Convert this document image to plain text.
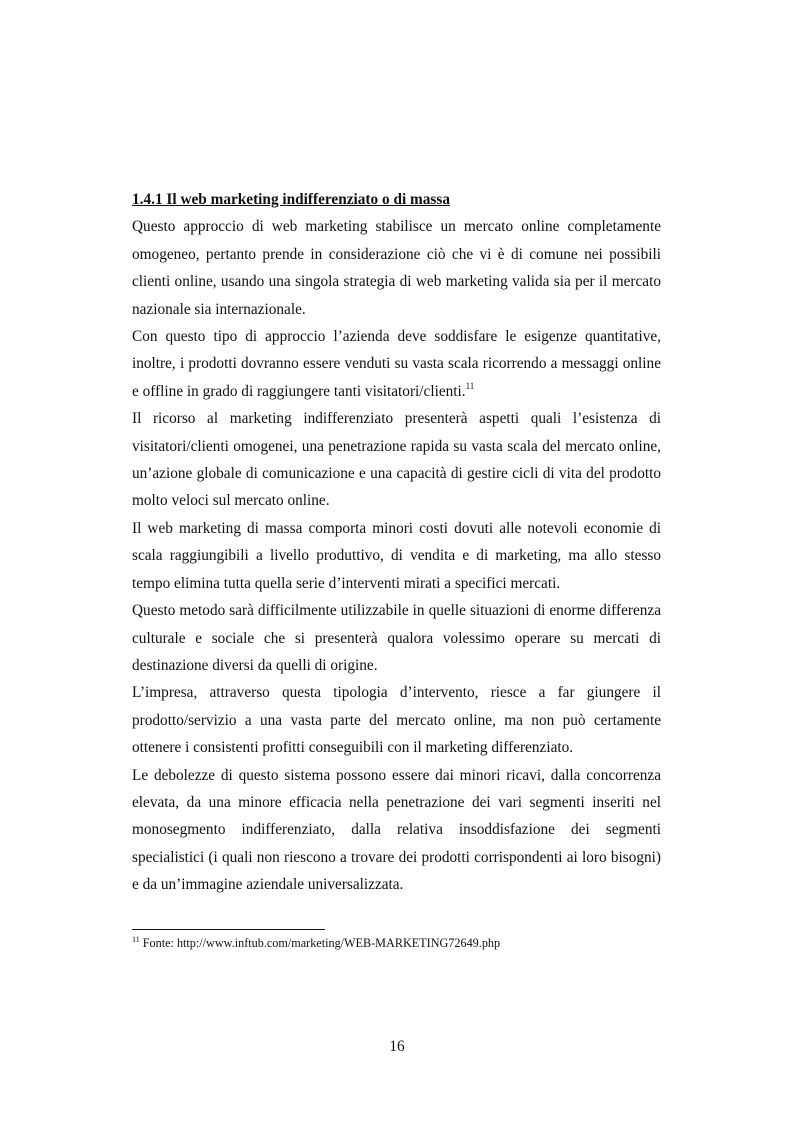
1.4.1 Il web marketing indifferenziato o di massa

Questo approccio di web marketing stabilisce un mercato online completamente omogeneo, pertanto prende in considerazione ciò che vi è di comune nei possibili clienti online, usando una singola strategia di web marketing valida sia per il mercato nazionale sia internazionale.

Con questo tipo di approccio l’azienda deve soddisfare le esigenze quantitative, inoltre, i prodotti dovranno essere venduti su vasta scala ricorrendo a messaggi online e offline in grado di raggiungere tanti visitatori/clienti.$^{11}$

Il ricorso al marketing indifferenziato presenterà aspetti quali l’esistenza di visitatori/clienti omogenei, una penetrazione rapida su vasta scala del mercato online, un’azione globale di comunicazione e una capacità di gestire cicli di vita del prodotto molto veloci sul mercato online.

Il web marketing di massa comporta minori costi dovuti alle notevoli economie di scala raggiungibili a livello produttivo, di vendita e di marketing, ma allo stesso tempo elimina tutta quella serie d’interventi mirati a specifici mercati.

Questo metodo sarà difficilmente utilizzabile in quelle situazioni di enorme differenza culturale e sociale che si presenterà qualora volessimo operare su mercati di destinazione diversi da quelli di origine.

L’impresa, attraverso questa tipologia d’intervento, riesce a far giungere il prodotto/servizio a una vasta parte del mercato online, ma non può certamente ottenere i consistenti profitti conseguibili con il marketing differenziato.

Le debolezze di questo sistema possono essere dai minori ricavi, dalla concorrenza elevata, da una minore efficacia nella penetrazione dei vari segmenti inseriti nel monosegmento indifferenziato, dalla relativa insoddisfazione dei segmenti specialistici (i quali non riescono a trovare dei prodotti corrispondenti ai loro bisogni) e da un’immagine aziendale universalizzata.

$^{11}$ Fonte: http://www.inftub.com/marketing/WEB-MARKETING72649.php

16
